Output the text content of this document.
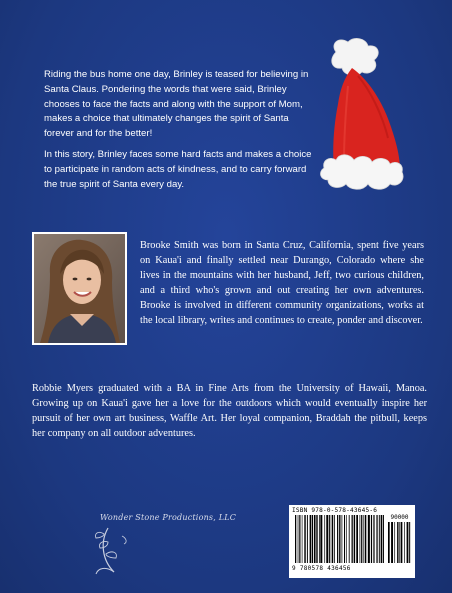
Riding the bus home one day, Brinley is teased for believing in Santa Claus. Pondering the words that were said, Brinley chooses to face the facts and along with the support of Mom, makes a choice that ultimately changes the spirit of Santa forever and for the better!

In this story, Brinley faces some hard facts and makes a choice to participate in random acts of kindness, and to carry forward the true spirit of Santa every day.

Brooke Smith was born in Santa Cruz, California, spent five years on Kaua'i and finally settled near Durango, Colorado where she lives in the mountains with her husband, Jeff, two curious children, and a third who's grown and out creating her own adventures. Brooke is involved in different community organizations, works at the local library, writes and continues to create, ponder and discover.

Robbie Myers graduated with a BA in Fine Arts from the University of Hawaii, Manoa. Growing up on Kaua'i gave her a love for the outdoors which would eventually inspire her pursuit of her own art business, Waffle Art. Her loyal companion, Braddah the pitbull, keeps her company on all outdoor adventures.

Wonder Stone Productions, LLC
ISBN 978-0-578-43645-6
90000
9 780578 436456
